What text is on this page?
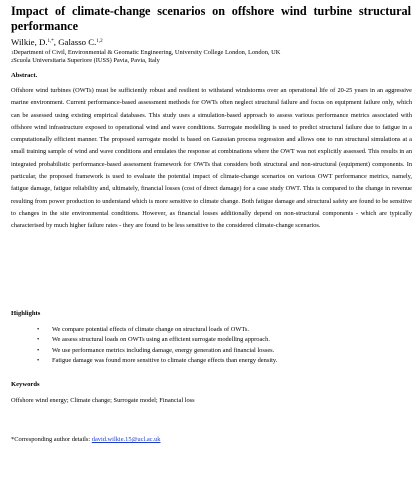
Impact of climate-change scenarios on offshore wind turbine structural performance
Wilkie, D.$^{1,*}$, Galasso C.$^{1,2}$
$^1$Department of Civil, Environmental & Geomatic Engineering, University College London, London, UK
$^2$Scuola Universitaria Superiore (IUSS) Pavia, Pavia, Italy
Abstract.

Offshore wind turbines (OWTs) must be sufficiently robust and resilient to withstand windstorms over an operational life of 20-25 years in an aggressive marine environment. Current performance-based assessment methods for OWTs often neglect structural failure and focus on equipment failure only, which can be assessed using existing empirical databases. This study uses a simulation-based approach to assess various performance metrics associated with offshore wind infrastructure exposed to operational wind and wave conditions. Surrogate modelling is used to predict structural failure due to fatigue in a computationally efficient manner. The proposed surrogate model is based on Gaussian process regression and allows one to run structural simulations at a small training sample of wind and wave conditions and emulates the response at combinations where the OWT was not explicitly assessed. This results in an integrated probabilistic performance-based assessment framework for OWTs that considers both structural and non-structural (equipment) components. In particular, the proposed framework is used to evaluate the potential impact of climate-change scenarios on various OWT performance metrics, namely, fatigue damage, fatigue reliability and, ultimately, financial losses (cost of direct damage) for a case study OWT. This is compared to the change in revenue resulting from power production to understand which is more sensitive to climate change. Both fatigue damage and structural safety are found to be sensitive to changes in the site environmental conditions. However, as financial losses additionally depend on non-structural components - which are typically characterised by much higher failure rates - they are found to be less sensitive to the considered climate-change scenarios.

Highlights
• We compare potential effects of climate change on structural loads of OWTs.
• We assess structural loads on OWTs using an efficient surrogate modelling approach.
• We use performance metrics including damage, energy generation and financial losses.
• Fatigue damage was found more sensitive to climate change effects than energy density.
Keywords
Offshore wind energy; Climate change; Surrogate model; Financial loss
*Corresponding author details: david.wilkie.15@ucl.ac.uk
